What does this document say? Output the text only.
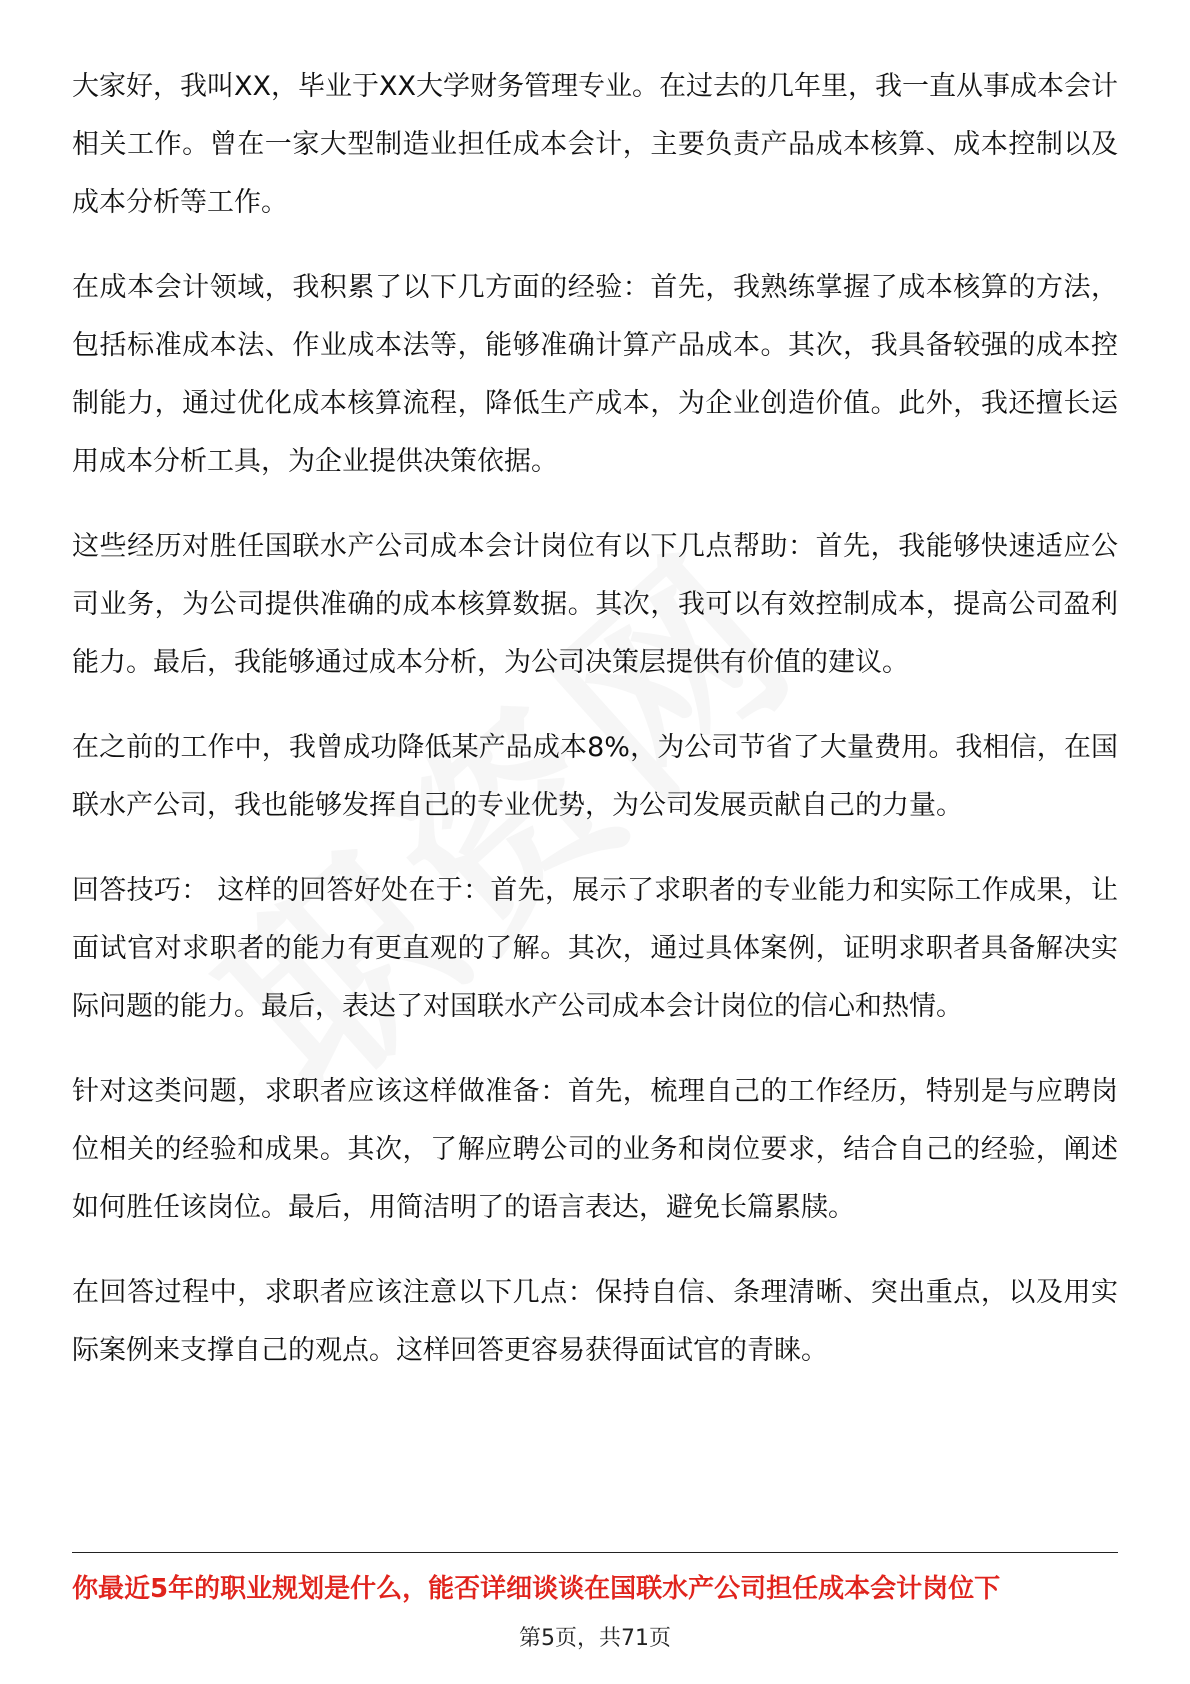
大家好，我叫XX，毕业于XX大学财务管理专业。在过去的几年里，我一直从事成本会计相关工作。曾在一家大型制造业担任成本会计，主要负责产品成本核算、成本控制以及成本分析等工作。

在成本会计领域，我积累了以下几方面的经验：首先，我熟练掌握了成本核算的方法，包括标准成本法、作业成本法等，能够准确计算产品成本。其次，我具备较强的成本控制能力，通过优化成本核算流程，降低生产成本，为企业创造价值。此外，我还擅长运用成本分析工具，为企业提供决策依据。

这些经历对胜任国联水产公司成本会计岗位有以下几点帮助：首先，我能够快速适应公司业务，为公司提供准确的成本核算数据。其次，我可以有效控制成本，提高公司盈利能力。最后，我能够通过成本分析，为公司决策层提供有价值的建议。

在之前的工作中，我曾成功降低某产品成本8%，为公司节省了大量费用。我相信，在国联水产公司，我也能够发挥自己的专业优势，为公司发展贡献自己的力量。

回答技巧： 这样的回答好处在于：首先，展示了求职者的专业能力和实际工作成果，让面试官对求职者的能力有更直观的了解。其次，通过具体案例，证明求职者具备解决实际问题的能力。最后，表达了对国联水产公司成本会计岗位的信心和热情。

针对这类问题，求职者应该这样做准备：首先，梳理自己的工作经历，特别是与应聘岗位相关的经验和成果。其次，了解应聘公司的业务和岗位要求，结合自己的经验，阐述如何胜任该岗位。最后，用简洁明了的语言表达，避免长篇累牍。

在回答过程中，求职者应该注意以下几点：保持自信、条理清晰、突出重点，以及用实际案例来支撑自己的观点。这样回答更容易获得面试官的青睐。

你最近5年的职业规划是什么，能否详细谈谈在国联水产公司担任成本会计岗位下
第5页，共71页
